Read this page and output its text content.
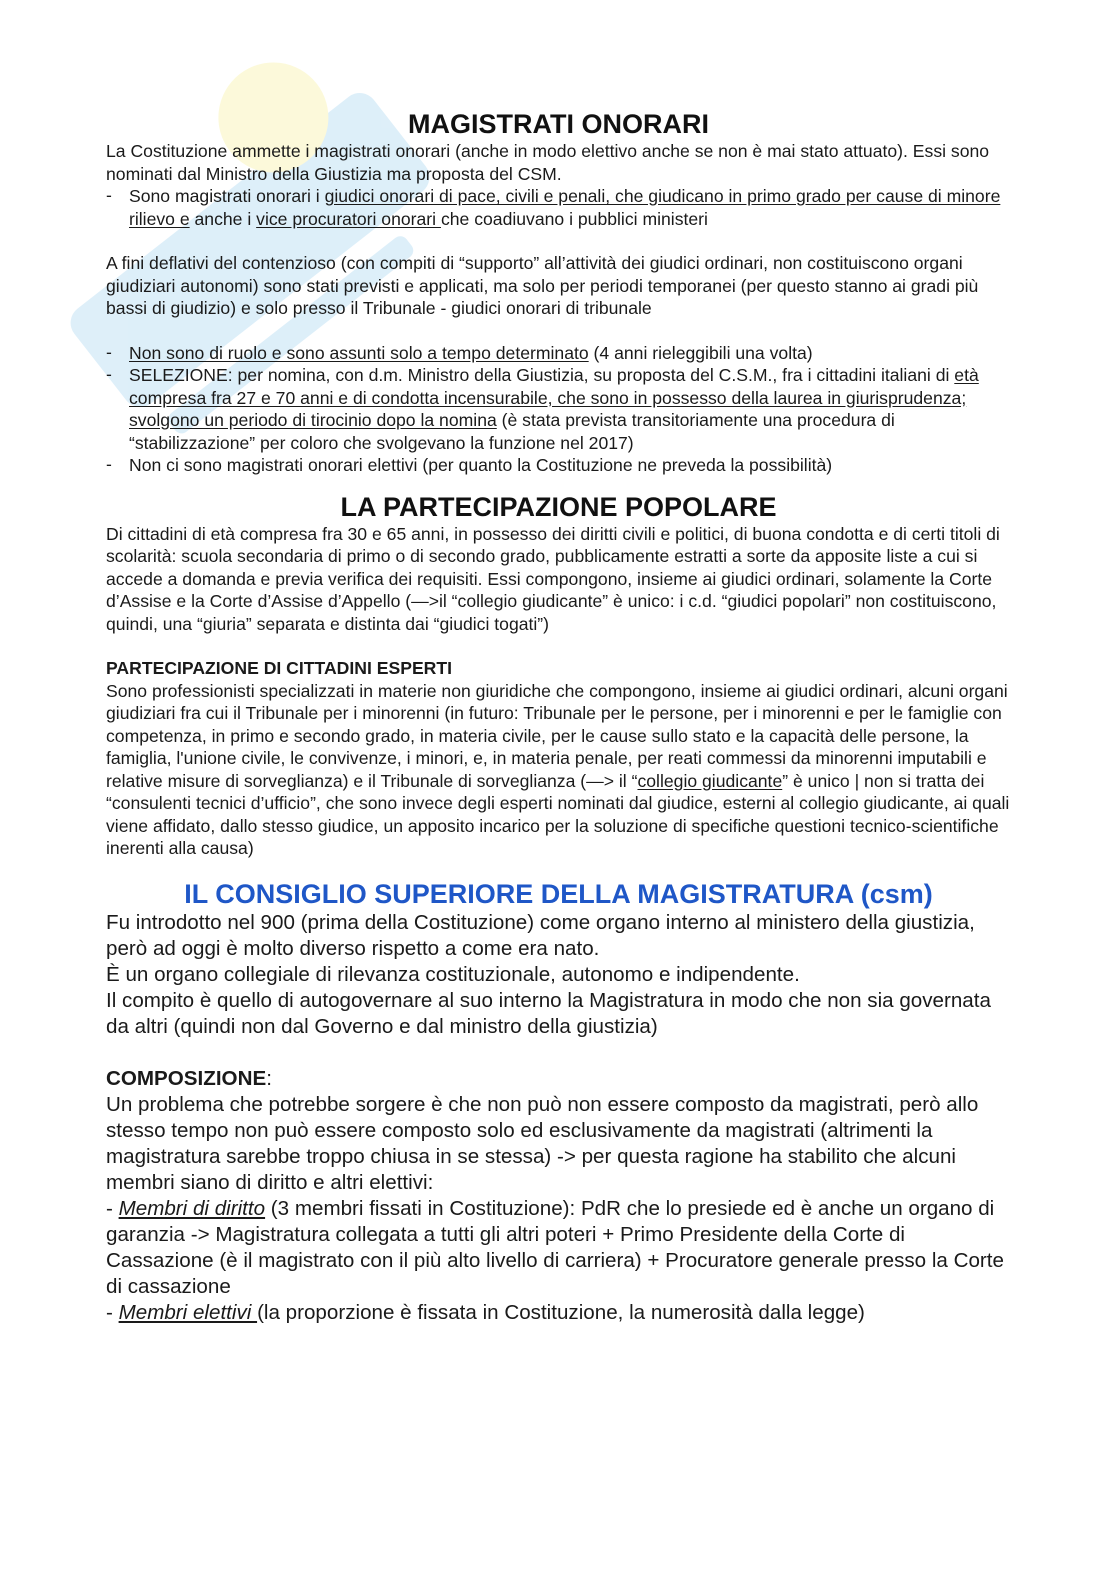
MAGISTRATI ONORARI

La Costituzione ammette i magistrati onorari (anche in modo elettivo anche se non è mai stato attuato). Essi sono nominati dal Ministro della Giustizia ma proposta del CSM.

- Sono magistrati onorari i giudici onorari di pace, civili e penali, che giudicano in primo grado per cause di minore rilievo e anche i vice procuratori onorari che coadiuvano i pubblici ministeri

A fini deflativi del contenzioso (con compiti di “supporto” all’attività dei giudici ordinari, non costituiscono organi giudiziari autonomi) sono stati previsti e applicati, ma solo per periodi temporanei (per questo stanno ai gradi più bassi di giudizio) e solo presso il Tribunale - giudici onorari di tribunale

- Non sono di ruolo e sono assunti solo a tempo determinato (4 anni rieleggibili una volta)
- SELEZIONE: per nomina, con d.m. Ministro della Giustizia, su proposta del C.S.M., fra i cittadini italiani di età compresa fra 27 e 70 anni e di condotta incensurabile, che sono in possesso della laurea in giurisprudenza; svolgono un periodo di tirocinio dopo la nomina (è stata prevista transitoriamente una procedura di “stabilizzazione” per coloro che svolgevano la funzione nel 2017)
- Non ci sono magistrati onorari elettivi (per quanto la Costituzione ne preveda la possibilità)
LA PARTECIPAZIONE POPOLARE

Di cittadini di età compresa fra 30 e 65 anni, in possesso dei diritti civili e politici, di buona condotta e di certi titoli di scolarità: scuola secondaria di primo o di secondo grado, pubblicamente estratti a sorte da apposite liste a cui si accede a domanda e previa verifica dei requisiti. Essi compongono, insieme ai giudici ordinari, solamente la Corte d’Assise e la Corte d’Assise d’Appello (—>il “collegio giudicante” è unico: i c.d. “giudici popolari” non costituiscono, quindi, una “giuria” separata e distinta dai “giudici togati”)

PARTECIPAZIONE DI CITTADINI ESPERTI

Sono professionisti specializzati in materie non giuridiche che compongono, insieme ai giudici ordinari, alcuni organi giudiziari fra cui il Tribunale per i minorenni (in futuro: Tribunale per le persone, per i minorenni e per le famiglie con competenza, in primo e secondo grado, in materia civile, per le cause sullo stato e la capacità delle persone, la famiglia, l'unione civile, le convivenze, i minori, e, in materia penale, per reati commessi da minorenni imputabili e relative misure di sorveglianza) e il Tribunale di sorveglianza (—> il “collegio giudicante” è unico | non si tratta dei “consulenti tecnici d’ufficio”, che sono invece degli esperti nominati dal giudice, esterni al collegio giudicante, ai quali viene affidato, dallo stesso giudice, un apposito incarico per la soluzione di specifiche questioni tecnico-scientifiche inerenti alla causa)

IL CONSIGLIO SUPERIORE DELLA MAGISTRATURA (csm)

Fu introdotto nel 900 (prima della Costituzione) come organo interno al ministero della giustizia, però ad oggi è molto diverso rispetto a come era nato.

È un organo collegiale di rilevanza costituzionale, autonomo e indipendente.

Il compito è quello di autogovernare al suo interno la Magistratura in modo che non sia governata da altri (quindi non dal Governo e dal ministro della giustizia)

COMPOSIZIONE:

Un problema che potrebbe sorgere è che non può non essere composto da magistrati, però allo stesso tempo non può essere composto solo ed esclusivamente da magistrati (altrimenti la magistratura sarebbe troppo chiusa in se stessa) -> per questa ragione ha stabilito che alcuni membri siano di diritto e altri elettivi:

- Membri di diritto (3 membri fissati in Costituzione): PdR che lo presiede ed è anche un organo di garanzia -> Magistratura collegata a tutti gli altri poteri + Primo Presidente della Corte di Cassazione (è il magistrato con il più alto livello di carriera) + Procuratore generale presso la Corte di cassazione

- Membri elettivi (la proporzione è fissata in Costituzione, la numerosità dalla legge)
